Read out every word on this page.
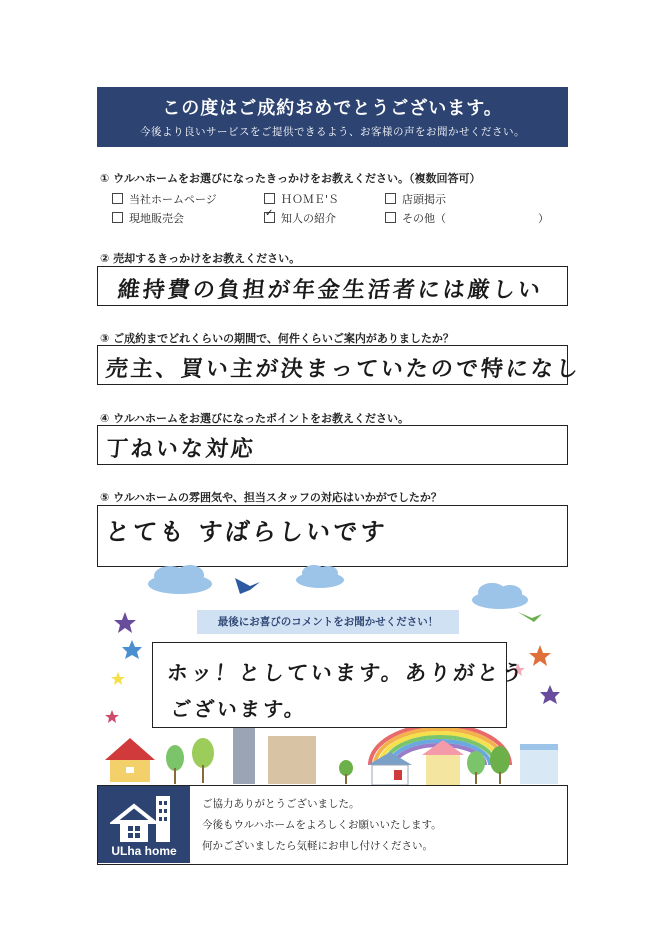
この度はご成約おめでとうございます。
今後より良いサービスをご提供できるよう、お客様の声をお聞かせください。
① ウルハホームをお選びになったきっかけをお教えください。（複数回答可）
当社ホームページ	ＨＯＭＥ'Ｓ	店頭掲示
現地販売会
✓	知人の紹介	その他（	）
② 売却するきっかけをお教えください。
維持費の負担が年金生活者には厳しい
③ ご成約までどれくらいの期間で、何件くらいご案内がありましたか？
売主、買い主が決まっていたので特になし
④ ウルハホームをお選びになったポイントをお教えください。
丁ねいな対応
⑤ ウルハホームの雰囲気や、担当スタッフの対応はいかがでしたか？
とても すばらしいです
最後にお喜びのコメントをお聞かせください！
ホッ！としています。ありがとう
ございます。
ULha home
ご協力ありがとうございました。
今後もウルハホームをよろしくお願いいたします。
何かございましたら気軽にお申し付けください。
